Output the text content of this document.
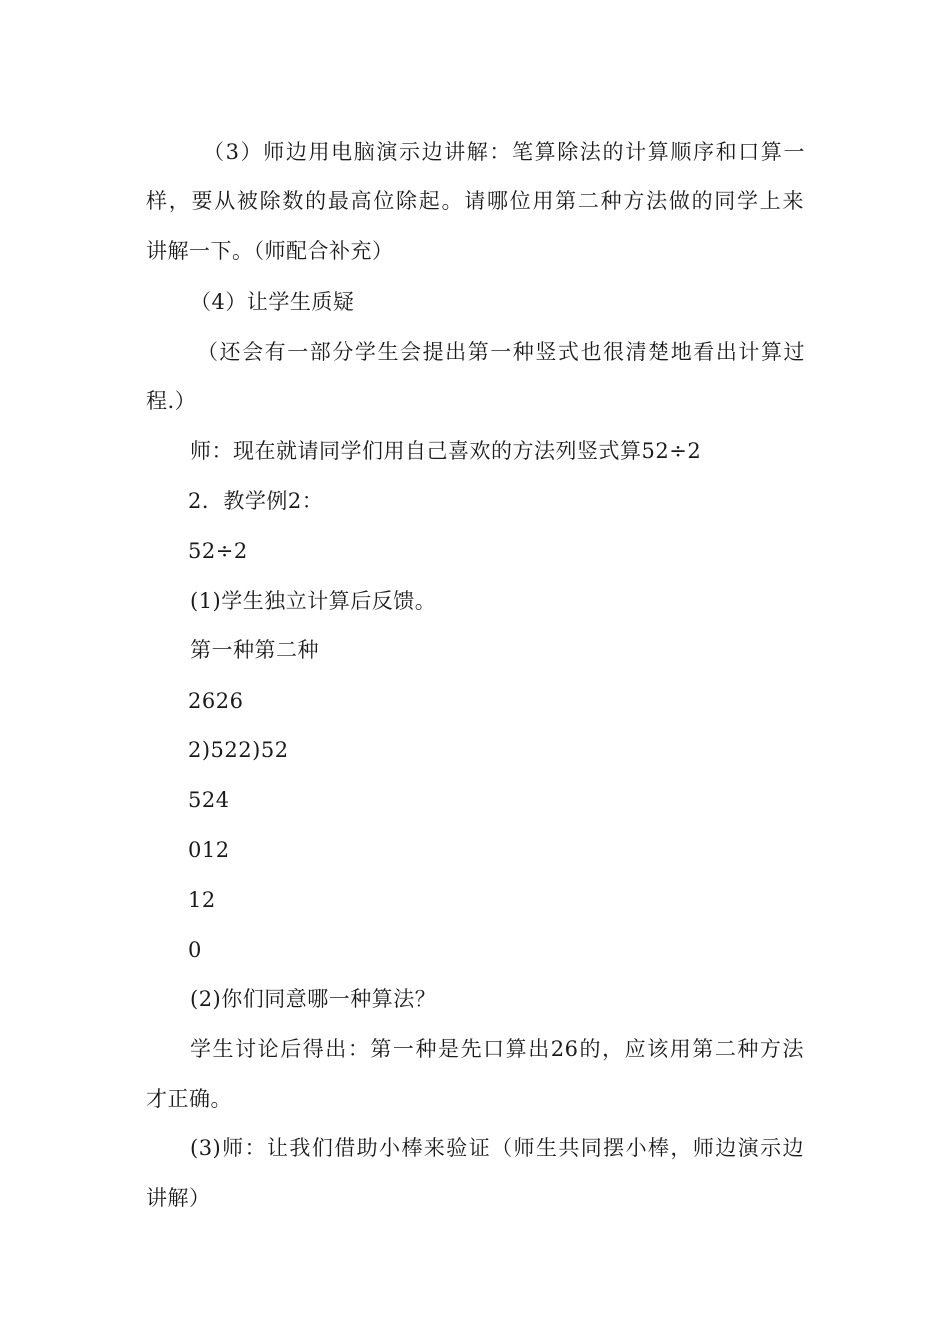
（3）师边用电脑演示边讲解：笔算除法的计算顺序和口算一
样，要从被除数的最高位除起。请哪位用第二种方法做的同学上来
讲解一下。（师配合补充）
（4）让学生质疑
（还会有一部分学生会提出第一种竖式也很清楚地看出计算过
程.）
师：现在就请同学们用自己喜欢的方法列竖式算52÷2
2．教学例2：
52÷2
(1)学生独立计算后反馈。
第一种第二种
2626
2)522)52
524
012
12
0
(2)你们同意哪一种算法？
学生讨论后得出：第一种是先口算出26的，应该用第二种方法
才正确。
(3)师：让我们借助小棒来验证（师生共同摆小棒，师边演示边
讲解）
